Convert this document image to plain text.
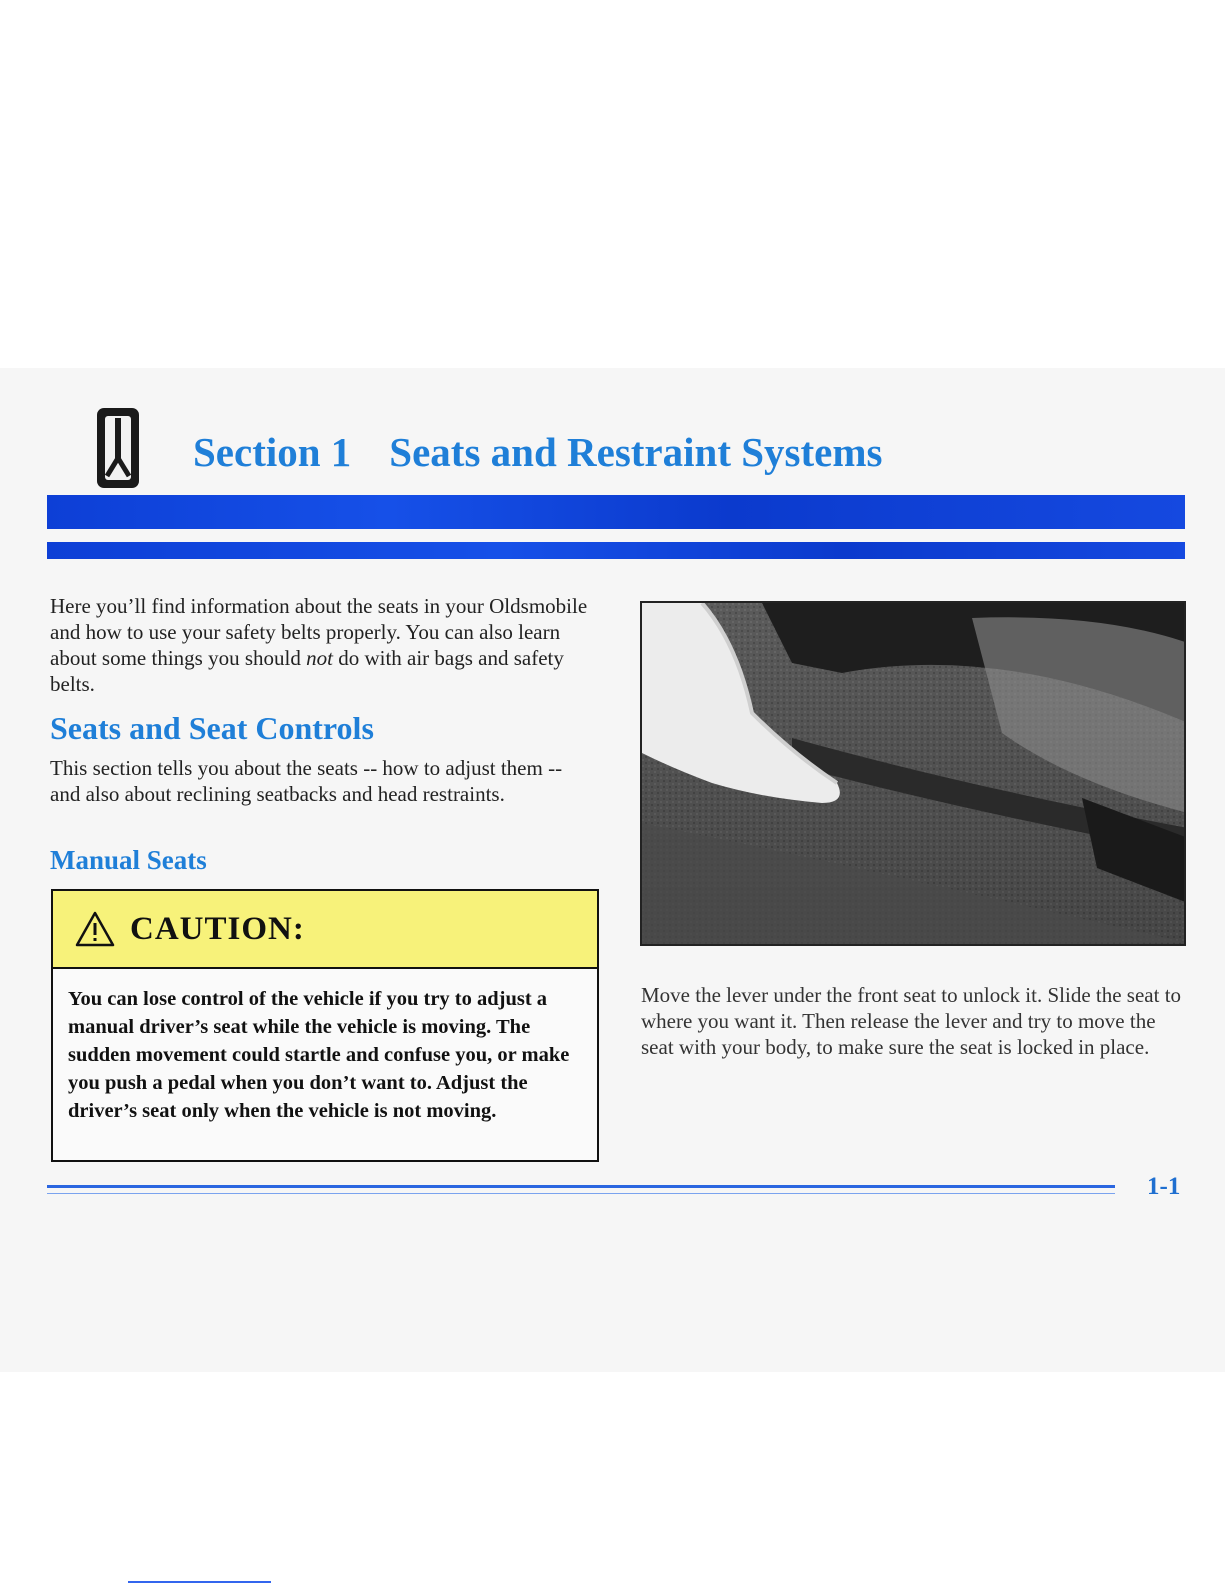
Section 1 Seats and Restraint Systems

Here you’ll find information about the seats in your Oldsmobile and how to use your safety belts properly. You can also learn about some things you should not do with air bags and safety belts.

Seats and Seat Controls

This section tells you about the seats -- how to adjust them -- and also about reclining seatbacks and head restraints.

Manual Seats
CAUTION:

You can lose control of the vehicle if you try to adjust a manual driver’s seat while the vehicle is moving. The sudden movement could startle and confuse you, or make you push a pedal when you don’t want to. Adjust the driver’s seat only when the vehicle is not moving.

Move the lever under the front seat to unlock it. Slide the seat to where you want it. Then release the lever and try to move the seat with your body, to make sure the seat is locked in place.

1-1
